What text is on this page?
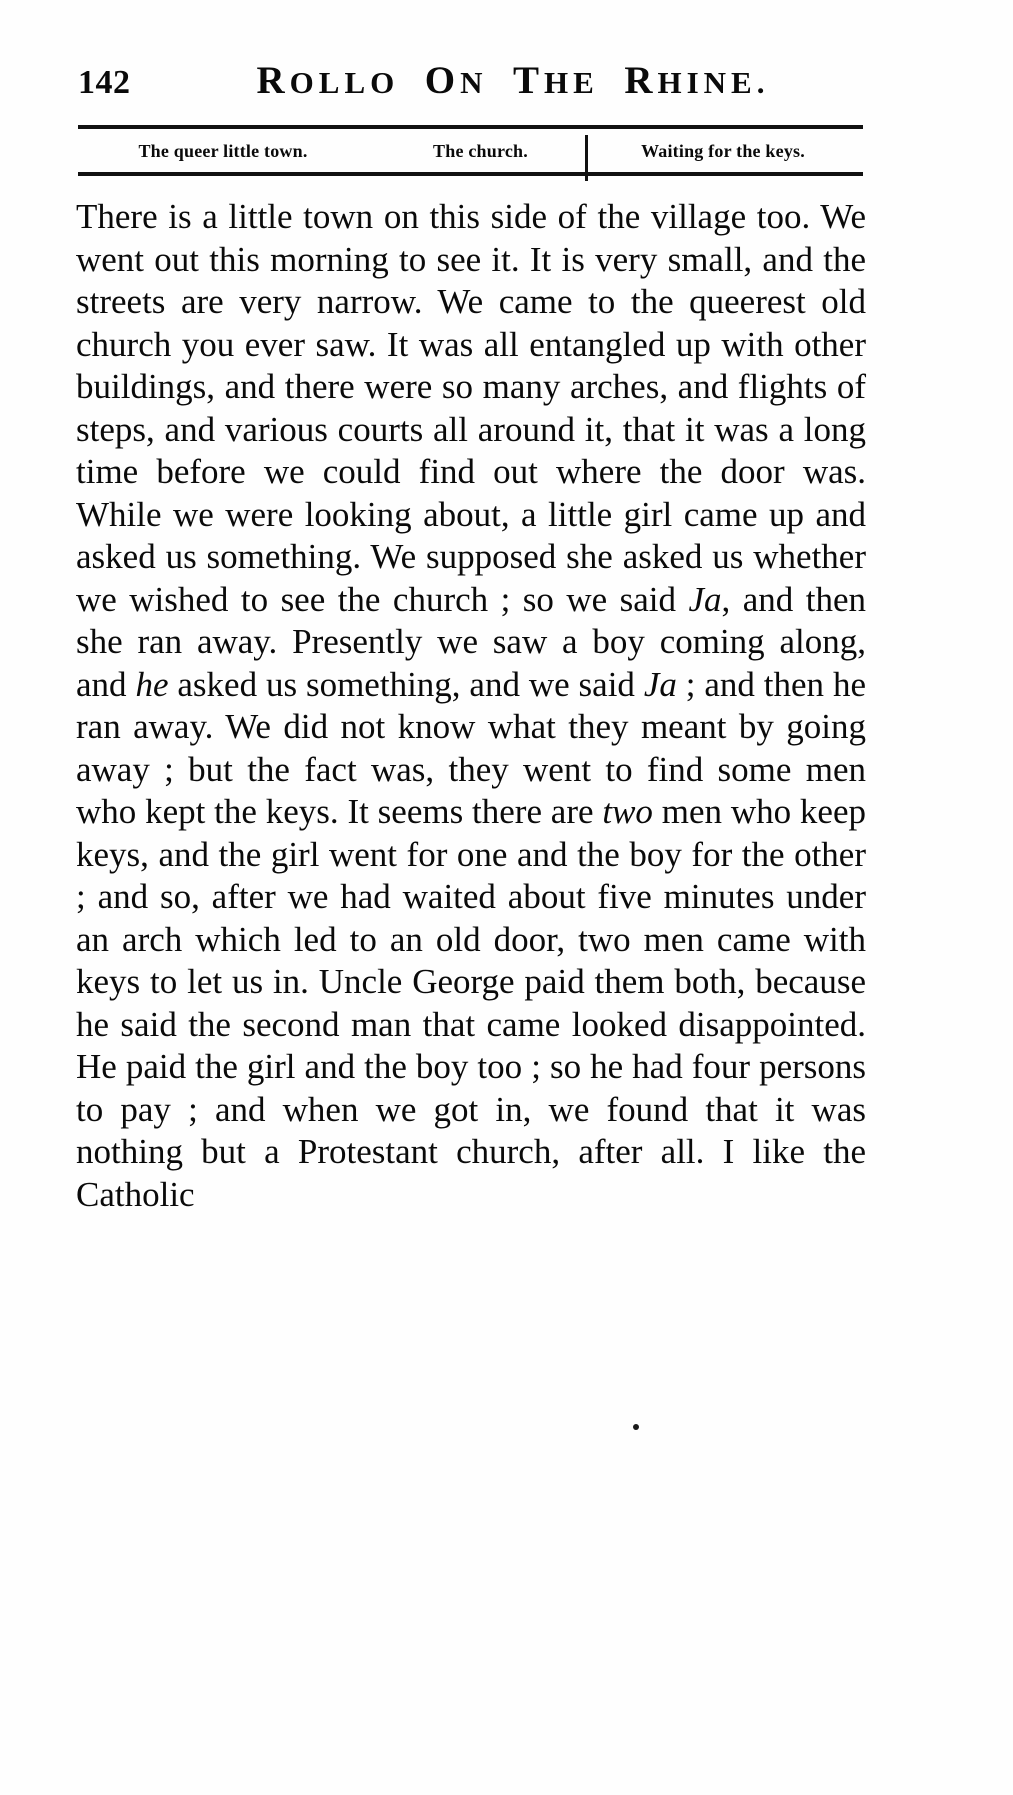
142	ROLLO ON THE RHINE.
The queer little town.	The church.	Waiting for the keys.
There is a little town on this side of the village too. We went out this morning to see it. It is very small, and the streets are very narrow. We came to the queerest old church you ever saw. It was all entangled up with other buildings, and there were so many arches, and flights of steps, and various courts all around it, that it was a long time before we could find out where the door was. While we were looking about, a little girl came up and asked us something. We supposed she asked us whether we wished to see the church ; so we said Ja, and then she ran away. Presently we saw a boy coming along, and he asked us something, and we said Ja ; and then he ran away. We did not know what they meant by going away ; but the fact was, they went to find some men who kept the keys. It seems there are two men who keep keys, and the girl went for one and the boy for the other ; and so, after we had waited about five minutes under an arch which led to an old door, two men came with keys to let us in. Uncle George paid them both, because he said the second man that came looked disappointed. He paid the girl and the boy too ; so he had four persons to pay ; and when we got in, we found that it was nothing but a Protestant church, after all. I like the Catholic
